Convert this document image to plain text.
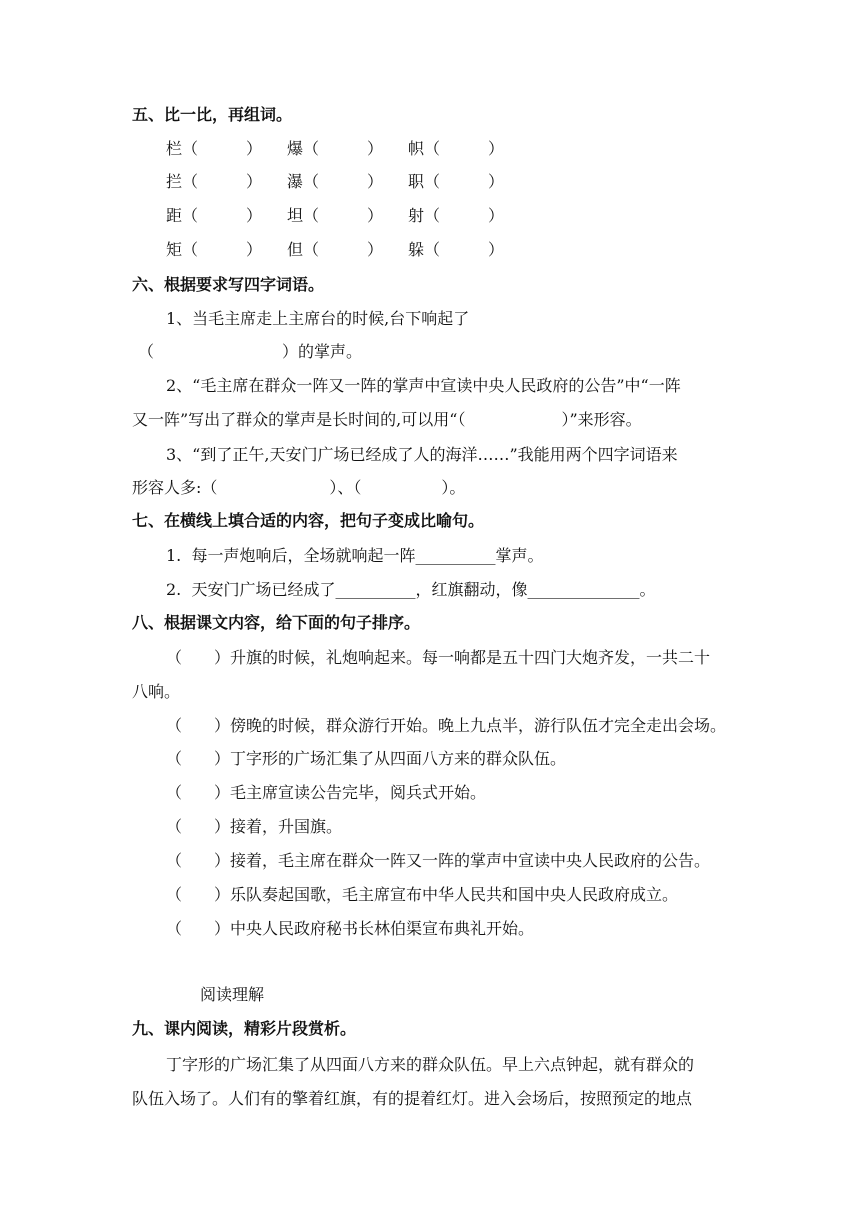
五、比一比，再组词。
栏（　　　） 爆（　　　） 帜（　　　）
拦（　　　） 瀑（　　　） 职（　　　）
距（　　　） 坦（　　　） 射（　　　）
矩（　　　） 但（　　　） 躲（　　　）
六、根据要求写四字词语。
1、当毛主席走上主席台的时候,台下响起了
（　　　　　　　　）的掌声。
2、“毛主席在群众一阵又一阵的掌声中宣读中央人民政府的公告”中“一阵
又一阵”写出了群众的掌声是长时间的,可以用“（　　　　　　）”来形容。
3、“到了正午,天安门广场已经成了人的海洋……”我能用两个四字词语来
形容人多:（　　　　　　　）、（　　　　　）。
七、在横线上填合适的内容，把句子变成比喻句。
1.  每一声炮响后，全场就响起一阵__________掌声。
2.  天安门广场已经成了__________，红旗翻动，像______________。
八、根据课文内容，给下面的句子排序。
（　　）升旗的时候，礼炮响起来。每一响都是五十四门大炮齐发，一共二十
八响。
（　　）傍晚的时候，群众游行开始。晚上九点半，游行队伍才完全走出会场。
（　　）丁字形的广场汇集了从四面八方来的群众队伍。
（　　）毛主席宣读公告完毕，阅兵式开始。
（　　）接着，升国旗。
（　　）接着，毛主席在群众一阵又一阵的掌声中宣读中央人民政府的公告。
（　　）乐队奏起国歌，毛主席宣布中华人民共和国中央人民政府成立。
（　　）中央人民政府秘书长林伯渠宣布典礼开始。
阅读理解
九、课内阅读，精彩片段赏析。
丁字形的广场汇集了从四面八方来的群众队伍。早上六点钟起，就有群众的
队伍入场了。人们有的擎着红旗，有的提着红灯。进入会场后，按照预定的地点
